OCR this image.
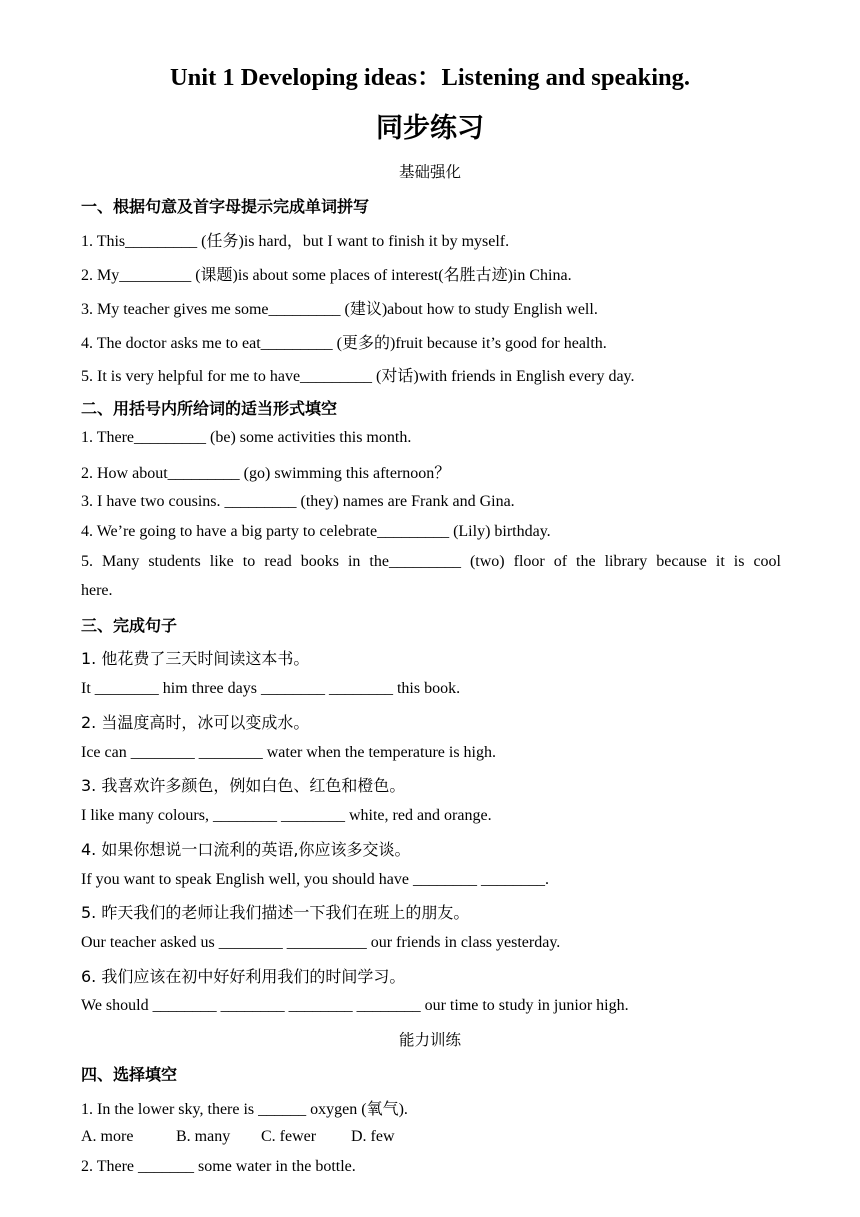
Unit 1 Developing ideas：Listening and speaking.
同步练习
基础强化
一、根据句意及首字母提示完成单词拼写
1. This_________ (任务)is hard，but I want to finish it by myself.
2. My_________ (课题)is about some places of interest(名胜古迹)in China.
3. My teacher gives me some_________ (建议)about how to study English well.
4. The doctor asks me to eat_________ (更多的)fruit because it’s good for health.
5. It is very helpful for me to have_________ (对话)with friends in English every day.
二、用括号内所给词的适当形式填空
1. There_________ (be) some activities this month.
2. How about_________ (go) swimming this afternoon？
3. I have two cousins. _________ (they) names are Frank and Gina.
4. We’re going to have a big party to celebrate_________ (Lily) birthday.
5. Many students like to read books in the_________ (two) floor of the library because it is cool
here.
三、完成句子
1. 他花费了三天时间读这本书。
It ________ him three days ________ ________ this book.
2. 当温度高时，冰可以变成水。
Ice can ________ ________ water when the temperature is high.
3. 我喜欢许多颜色，例如白色、红色和橙色。
I like many colours, ________ ________ white, red and orange.
4. 如果你想说一口流利的英语,你应该多交谈。
If you want to speak English well, you should have ________ ________.
5. 昨天我们的老师让我们描述一下我们在班上的朋友。
Our teacher asked us ________ __________ our friends in class yesterday.
6. 我们应该在初中好好利用我们的时间学习。
We should ________ ________ ________ ________ our time to study in junior high.
能力训练
四、选择填空
1. In the lower sky, there is ______ oxygen (氧气).
A. more	B. many C. fewer D. few
2. There _______ some water in the bottle.
